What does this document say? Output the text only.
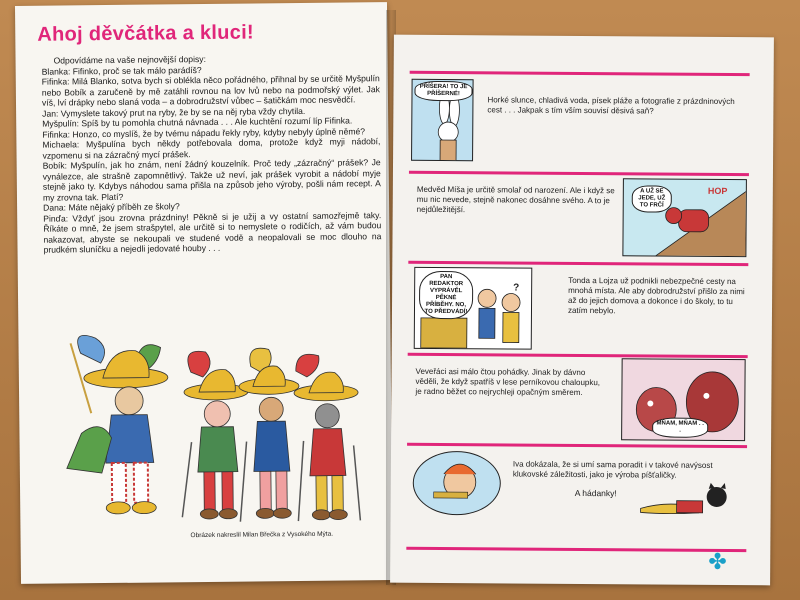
Ahoj děvčátka a kluci!

Odpovídáme na vaše nejnovější dopisy:

Blanka: Fifinko, proč se tak málo parádíš?

Fifinka: Milá Blanko, sotva bych si oblékla něco pořádného, přihnal by se určitě Myšpulín nebo Bobík a zaručeně by mě zatáhli rovnou na lov lvů nebo na podmořský výlet. Jak víš, lví drápky nebo slaná voda – a dobrodružství vůbec – šatičkám moc nesvědčí.

Jan: Vymyslete takový prut na ryby, že by se na něj ryba vždy chytila.

Myšpulín: Spíš by tu pomohla chutná návnada . . . Ale kuchtění rozumí líp Fifinka.

Fifinka: Honzo, co myslíš, že by tvému nápadu řekly ryby, kdyby nebyly úplně němé?

Michaela: Myšpulína bych někdy potřebovala doma, protože když myji nádobí, vzpomenu si na zázračný mycí prášek.

Bobík: Myšpulín, jak ho znám, není žádný kouzelník. Proč tedy „zázračný“ prášek? Je vynálezce, ale strašně zapomnětlivý. Takže už neví, jak prášek vyrobit a nádobí myje stejně jako ty. Kdybys náhodou sama přišla na způsob jeho výroby, pošli nám recept. A my zrovna tak. Platí?

Dana: Máte nějaký příběh ze školy?

Pinďa: Vždyť jsou zrovna prázdniny! Pěkně si je užij a vy ostatní samozřejmě taky. Říkáte o mně, že jsem strašpytel, ale určitě si to nemyslete o rodičích, až vám budou nakazovat, abyste se nekoupali ve studené vodě a neopalovali se moc dlouho na prudkém sluníčku a nejedli jedovaté houby . . .

Obrázek nakreslil Milan Břečka z Vysokého Mýta.
PŘÍŠERA! TO JE PŘÍŠERNÉ!
Horké slunce, chladivá voda, písek pláže a fotografie z prázdninových cest . . . Jakpak s tím vším souvisí děsivá saň?
Medvěd Míša je určitě smolař od narození. Ale i když se mu nic nevede, stejně nakonec dosáhne svého. A to je nejdůležitější.
A UŽ SE JEDE, UŽ TO FRČÍ
HOP
?
PAN REDAKTOR VYPRÁVĚL PĚKNÉ PŘÍBĚHY. NO, TO PŘEDVÁDÍ!
Tonda a Lojza už podnikli nebezpečné cesty na mnohá místa. Ale aby dobrodružství přišlo za nimi až do jejich domova a dokonce i do školy, to tu zatím nebylo.
Veveřáci asi málo čtou pohádky. Jinak by dávno věděli, že když spatříš v lese perníkovou chaloupku, je radno běžet co nejrychleji opačným směrem.
MŇAM, MŇAM . . .
Iva dokázala, že si umí sama poradit i v takové navýsost klukovské záležitosti, jako je výroba píšťaličky.
A hádanky!
✤
